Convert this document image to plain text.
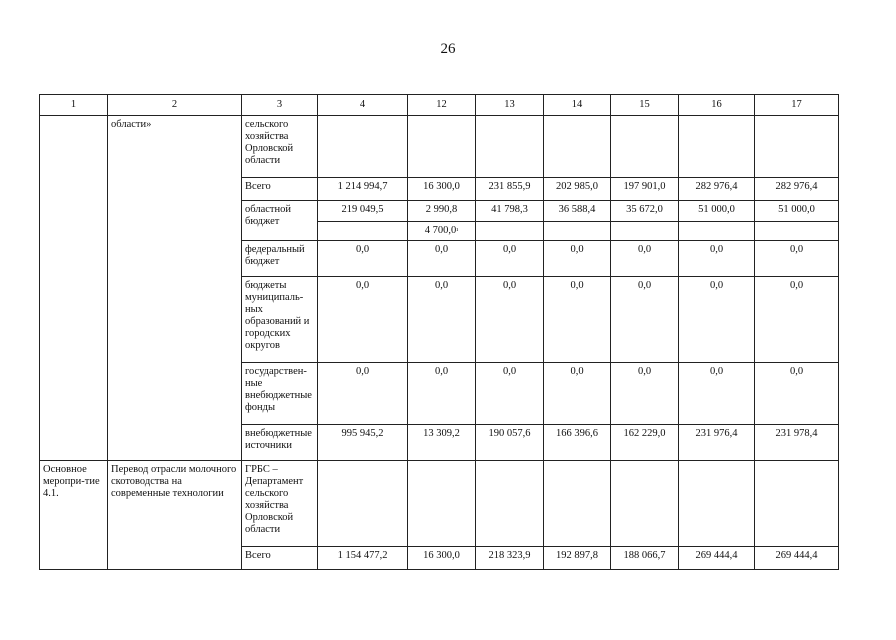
26
1	2	3	4	12	13	14	15	16	17
	области»	сельского хозяйства Орловской области							
		Всего	1 214 994,7	16 300,0	231 855,9	202 985,0	197 901,0	282 976,4	282 976,4
		областной бюджет	219 049,5	2 990,8	41 798,3	36 588,4	35 672,0	51 000,0	51 000,0
				4 $700,0^{^1}$					
		федеральный бюджет	0,0	0,0	0,0	0,0	0,0	0,0	0,0
		бюджеты муниципаль-ных образований и городских округов	0,0	0,0	0,0	0,0	0,0	0,0	0,0
		государствен-ные внебюджетные фонды	0,0	0,0	0,0	0,0	0,0	0,0	0,0
		внебюджетные источники	995 945,2	13 309,2	190 057,6	166 396,6	162 229,0	231 976,4	231 978,4
Основное меропри-тие 4.1.	Перевод отрасли молочного скотоводства на современные технологии	ГРБС – Департамент сельского хозяйства Орловской области							
		Всего	1 154 477,2	16 300,0	218 323,9	192 897,8	188 066,7	269 444,4	269 444,4
